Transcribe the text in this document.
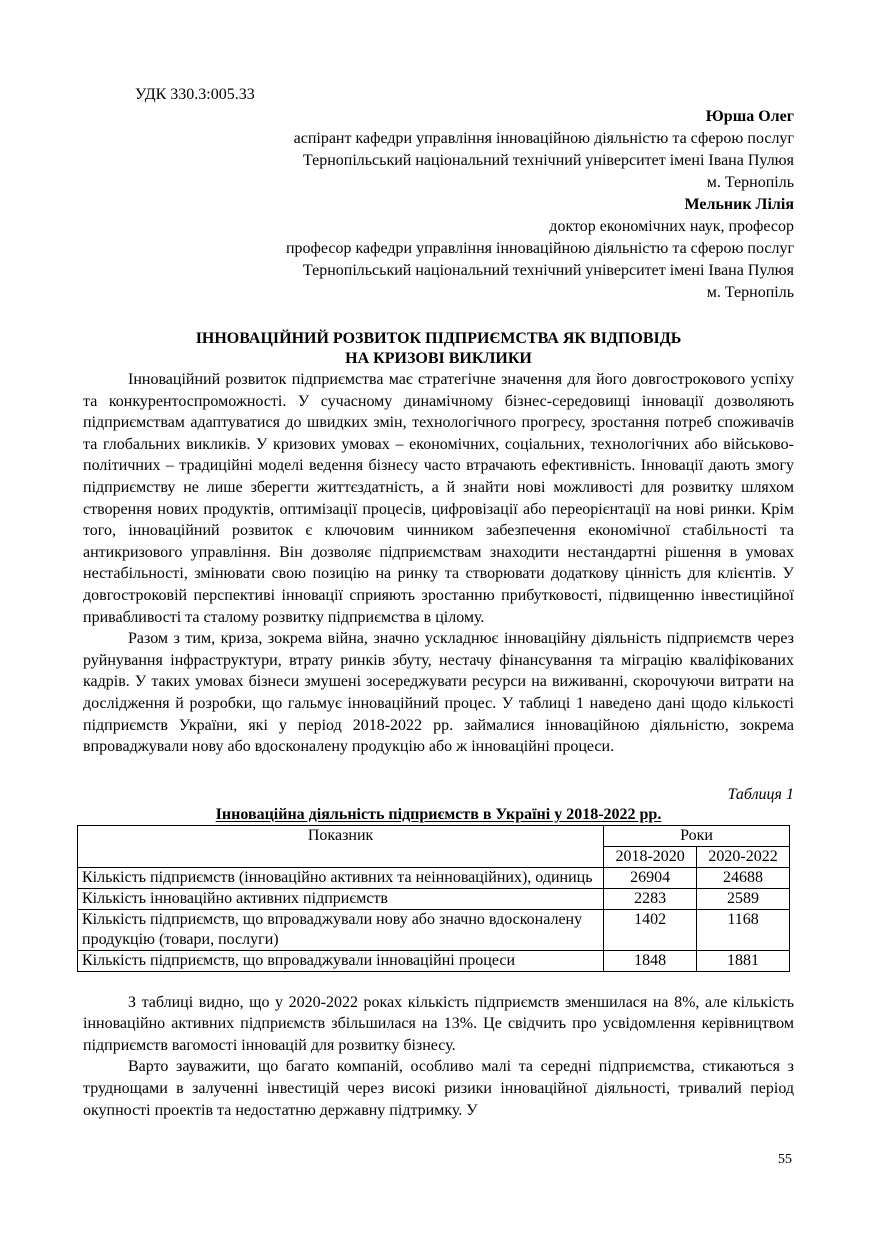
УДК 330.3:005.33
Юрша Олег
аспірант кафедри управління інноваційною діяльністю та сферою послуг
Тернопільський національний технічний університет імені Івана Пулюя
м. Тернопіль
Мельник Лілія
доктор економічних наук, професор
професор кафедри управління інноваційною діяльністю та сферою послуг
Тернопільський національний технічний університет імені Івана Пулюя
м. Тернопіль
ІННОВАЦІЙНИЙ РОЗВИТОК ПІДПРИЄМСТВА ЯК ВІДПОВІДЬ
НА КРИЗОВІ ВИКЛИКИ

Інноваційний розвиток підприємства має стратегічне значення для його довгострокового успіху та конкурентоспроможності. У сучасному динамічному бізнес-середовищі інновації дозволяють підприємствам адаптуватися до швидких змін, технологічного прогресу, зростання потреб споживачів та глобальних викликів. У кризових умовах – економічних, соціальних, технологічних або військово-політичних – традиційні моделі ведення бізнесу часто втрачають ефективність. Інновації дають змогу підприємству не лише зберегти життєздатність, а й знайти нові можливості для розвитку шляхом створення нових продуктів, оптимізації процесів, цифровізації або переорієнтації на нові ринки. Крім того, інноваційний розвиток є ключовим чинником забезпечення економічної стабільності та антикризового управління. Він дозволяє підприємствам знаходити нестандартні рішення в умовах нестабільності, змінювати свою позицію на ринку та створювати додаткову цінність для клієнтів. У довгостроковій перспективі інновації сприяють зростанню прибутковості, підвищенню інвестиційної привабливості та сталому розвитку підприємства в цілому.

Разом з тим, криза, зокрема війна, значно ускладнює інноваційну діяльність підприємств через руйнування інфраструктури, втрату ринків збуту, нестачу фінансування та міграцію кваліфікованих кадрів. У таких умовах бізнеси змушені зосереджувати ресурси на виживанні, скорочуючи витрати на дослідження й розробки, що гальмує інноваційний процес. У таблиці 1 наведено дані щодо кількості підприємств України, які у період 2018-2022 рр. займалися інноваційною діяльністю, зокрема впроваджували нову або вдосконалену продукцію або ж інноваційні процеси.

Таблиця 1
Інноваційна діяльність підприємств в Україні у 2018-2022 рр.
Показник	Роки	
	2018-2020	2020-2022
Кількість підприємств (інноваційно активних та неінноваційних), одиниць	26904	24688
Кількість інноваційно активних підприємств	2283	2589
Кількість підприємств, що впроваджували нову або значно вдосконалену продукцію (товари, послуги)	1402	1168
Кількість підприємств, що впроваджували інноваційні процеси	1848	1881

З таблиці видно, що у 2020-2022 роках кількість підприємств зменшилася на 8%, але кількість інноваційно активних підприємств збільшилася на 13%. Це свідчить про усвідомлення керівництвом підприємств вагомості інновацій для розвитку бізнесу.

Варто зауважити, що багато компаній, особливо малі та середні підприємства, стикаються з труднощами в залученні інвестицій через високі ризики інноваційної діяльності, тривалий період окупності проектів та недостатню державну підтримку. У

55
